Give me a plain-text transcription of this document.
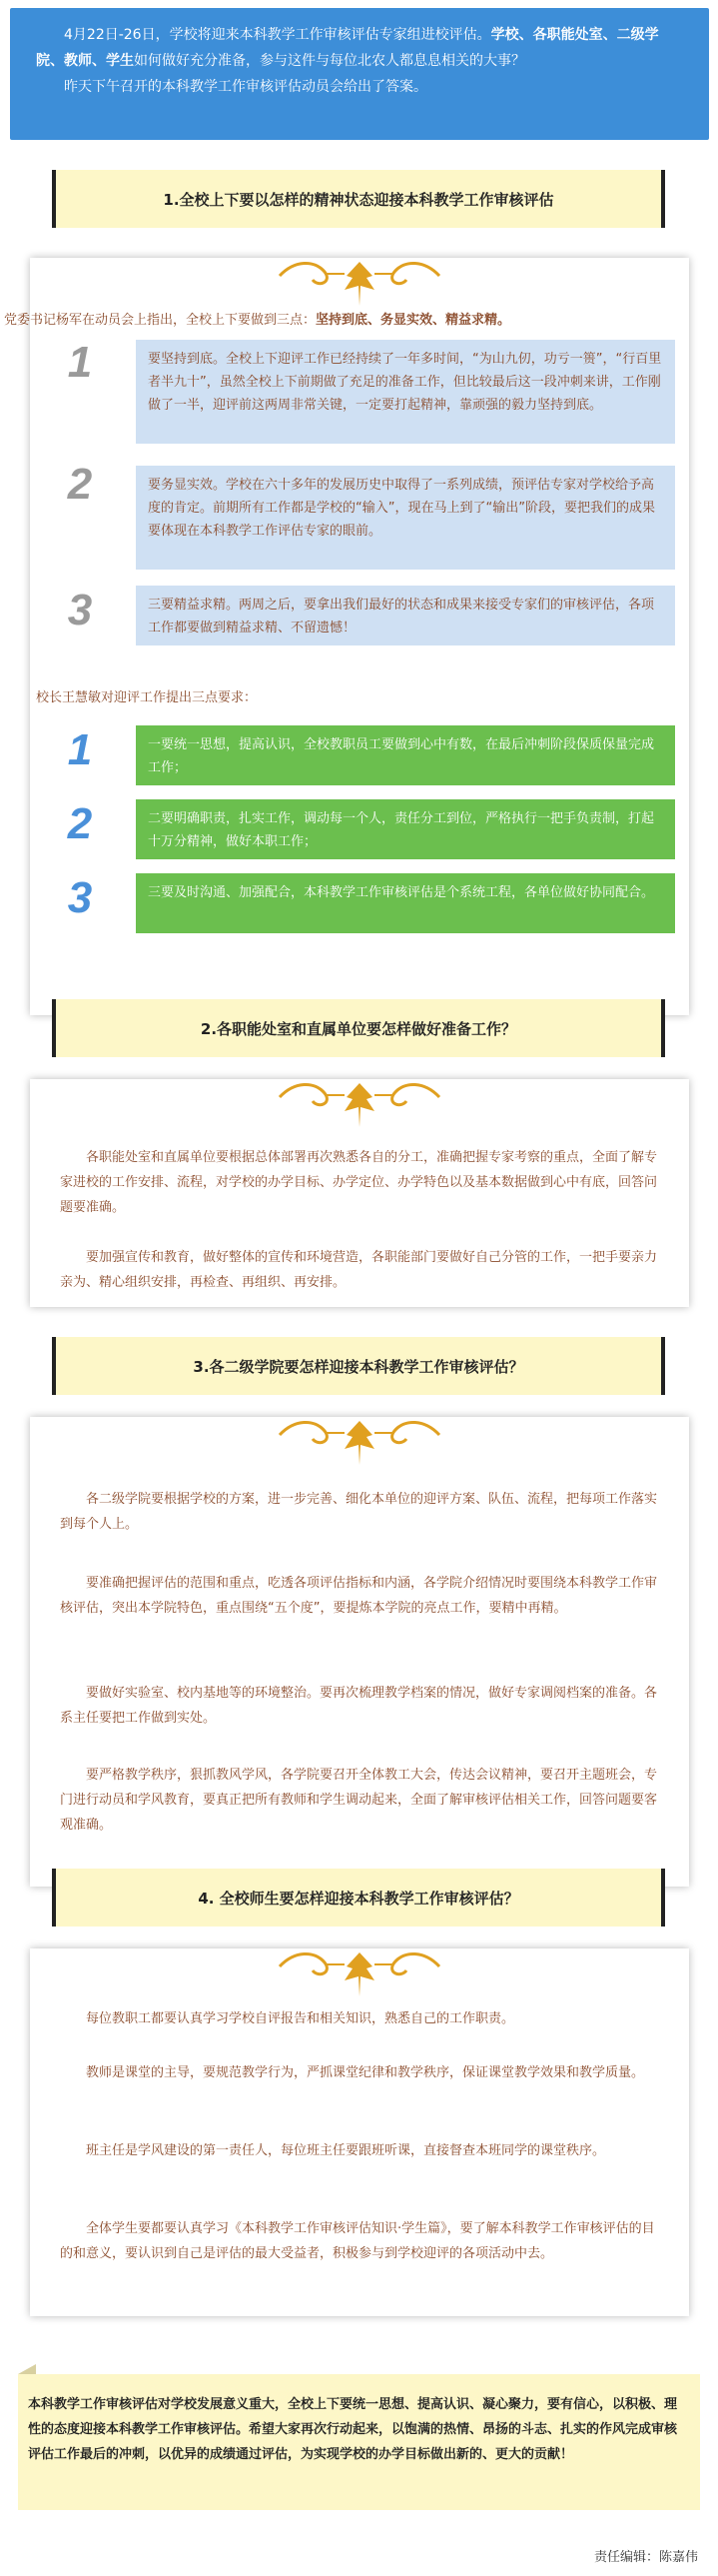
4月22日-26日，学校将迎来本科教学工作审核评估专家组进校评估。学校、各职能处室、二级学院、教师、学生如何做好充分准备，参与这件与每位北农人都息息相关的大事？

昨天下午召开的本科教学工作审核评估动员会给出了答案。

1.全校上下要以怎样的精神状态迎接本科教学工作审核评估
党委书记杨军在动员会上指出，全校上下要做到三点：坚持到底、务显实效、精益求精。
1	要坚持到底。全校上下迎评工作已经持续了一年多时间，“为山九仞，功亏一篑”，“行百里者半九十”，虽然全校上下前期做了充足的准备工作，但比较最后这一段冲刺来讲，工作刚做了一半，迎评前这两周非常关键，一定要打起精神，靠顽强的毅力坚持到底。
2	要务显实效。学校在六十多年的发展历史中取得了一系列成绩，预评估专家对学校给予高度的肯定。前期所有工作都是学校的“输入”，现在马上到了“输出”阶段，要把我们的成果要体现在本科教学工作评估专家的眼前。
3	三要精益求精。两周之后，要拿出我们最好的状态和成果来接受专家们的审核评估，各项工作都要做到精益求精、不留遗憾！
校长王慧敏对迎评工作提出三点要求：
1	一要统一思想，提高认识，全校教职员工要做到心中有数，在最后冲刺阶段保质保量完成工作；
2	二要明确职责，扎实工作，调动每一个人，责任分工到位，严格执行一把手负责制，打起十万分精神，做好本职工作；
3	三要及时沟通、加强配合，本科教学工作审核评估是个系统工程，各单位做好协同配合。
2.各职能处室和直属单位要怎样做好准备工作？
各职能处室和直属单位要根据总体部署再次熟悉各自的分工，准确把握专家考察的重点，全面了解专家进校的工作安排、流程，对学校的办学目标、办学定位、办学特色以及基本数据做到心中有底，回答问题要准确。
要加强宣传和教育，做好整体的宣传和环境营造，各职能部门要做好自己分管的工作，一把手要亲力亲为、精心组织安排，再检查、再组织、再安排。
3.各二级学院要怎样迎接本科教学工作审核评估？
各二级学院要根据学校的方案，进一步完善、细化本单位的迎评方案、队伍、流程，把每项工作落实到每个人上。
要准确把握评估的范围和重点，吃透各项评估指标和内涵，各学院介绍情况时要围绕本科教学工作审核评估，突出本学院特色，重点围绕“五个度”，要提炼本学院的亮点工作，要精中再精。
要做好实验室、校内基地等的环境整治。要再次梳理教学档案的情况，做好专家调阅档案的准备。各系主任要把工作做到实处。
要严格教学秩序，狠抓教风学风，各学院要召开全体教工大会，传达会议精神，要召开主题班会，专门进行动员和学风教育，要真正把所有教师和学生调动起来，全面了解审核评估相关工作，回答问题要客观准确。
4. 全校师生要怎样迎接本科教学工作审核评估？
每位教职工都要认真学习学校自评报告和相关知识，熟悉自己的工作职责。
教师是课堂的主导，要规范教学行为，严抓课堂纪律和教学秩序，保证课堂教学效果和教学质量。
班主任是学风建设的第一责任人，每位班主任要跟班听课，直接督查本班同学的课堂秩序。
全体学生要都要认真学习《本科教学工作审核评估知识·学生篇》，要了解本科教学工作审核评估的目的和意义，要认识到自己是评估的最大受益者，积极参与到学校迎评的各项活动中去。
本科教学工作审核评估对学校发展意义重大，全校上下要统一思想、提高认识、凝心聚力，要有信心，以积极、理性的态度迎接本科教学工作审核评估。希望大家再次行动起来，以饱满的热情、昂扬的斗志、扎实的作风完成审核评估工作最后的冲刺，以优异的成绩通过评估，为实现学校的办学目标做出新的、更大的贡献！
责任编辑：陈嘉伟
